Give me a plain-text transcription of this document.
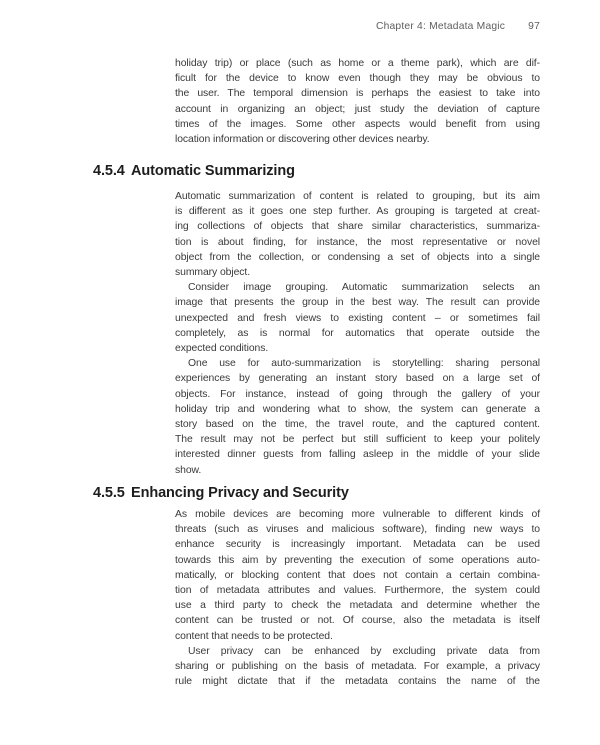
Chapter 4: Metadata Magic 97
holiday trip) or place (such as home or a theme park), which are dif-
ficult for the device to know even though they may be obvious to
the user. The temporal dimension is perhaps the easiest to take into
account in organizing an object; just study the deviation of capture
times of the images. Some other aspects would benefit from using
location information or discovering other devices nearby.
4.5.4 Automatic Summarizing
Automatic summarization of content is related to grouping, but its aim
is different as it goes one step further. As grouping is targeted at creat-
ing collections of objects that share similar characteristics, summariza-
tion is about finding, for instance, the most representative or novel
object from the collection, or condensing a set of objects into a single
summary object.
Consider image grouping. Automatic summarization selects an
image that presents the group in the best way. The result can provide
unexpected and fresh views to existing content – or sometimes fail
completely, as is normal for automatics that operate outside the
expected conditions.
One use for auto-summarization is storytelling: sharing personal
experiences by generating an instant story based on a large set of
objects. For instance, instead of going through the gallery of your
holiday trip and wondering what to show, the system can generate a
story based on the time, the travel route, and the captured content.
The result may not be perfect but still sufficient to keep your politely
interested dinner guests from falling asleep in the middle of your slide
show.
4.5.5 Enhancing Privacy and Security
As mobile devices are becoming more vulnerable to different kinds of
threats (such as viruses and malicious software), finding new ways to
enhance security is increasingly important. Metadata can be used
towards this aim by preventing the execution of some operations auto-
matically, or blocking content that does not contain a certain combina-
tion of metadata attributes and values. Furthermore, the system could
use a third party to check the metadata and determine whether the
content can be trusted or not. Of course, also the metadata is itself
content that needs to be protected.
User privacy can be enhanced by excluding private data from
sharing or publishing on the basis of metadata. For example, a privacy
rule might dictate that if the metadata contains the name of the
